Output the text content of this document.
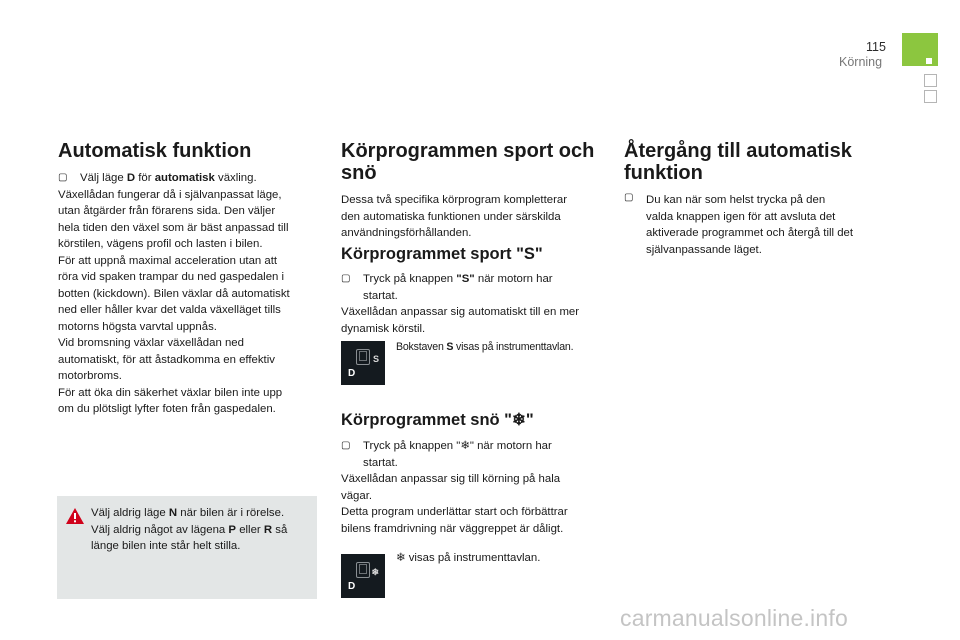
115
Körning
Automatisk funktion

▢ Välj läge D för automatisk växling.

Växellådan fungerar då i självanpassat läge,

utan åtgärder från förarens sida. Den väljer

hela tiden den växel som är bäst anpassad till

körstilen, vägens profil och lasten i bilen.

För att uppnå maximal acceleration utan att

röra vid spaken trampar du ned gaspedalen i

botten (kickdown). Bilen växlar då automatiskt

ned eller håller kvar det valda växelläget tills

motorns högsta varvtal uppnås.

Vid bromsning växlar växellådan ned

automatiskt, för att åstadkomma en effektiv

motorbroms.

För att öka din säkerhet växlar bilen inte upp

om du plötsligt lyfter foten från gaspedalen.

Välj aldrig läge N när bilen är i rörelse.

Välj aldrig något av lägena P eller R så

länge bilen inte står helt stilla.

Körprogrammen sport och snö

Dessa två specifika körprogram kompletterar

den automatiska funktionen under särskilda

användningsförhållanden.

Körprogrammet sport "S"

▢ Tryck på knappen "S" när motorn har
startat.

Växellådan anpassar sig automatiskt till en mer

dynamisk körstil.

D
S

Bokstaven S visas på instrumenttavlan.

Körprogrammet snö "❄"

▢ Tryck på knappen "❄" när motorn har
startat.

Växellådan anpassar sig till körning på hala

vägar.

Detta program underlättar start och förbättrar

bilens framdrivning när väggreppet är dåligt.

D
❄

❄ visas på instrumenttavlan.

Återgång till automatisk
funktion
▢ Du kan när som helst trycka på den

valda knappen igen för att avsluta det

aktiverade programmet och återgå till det

självanpassande läget.

carmanualsonline.info
